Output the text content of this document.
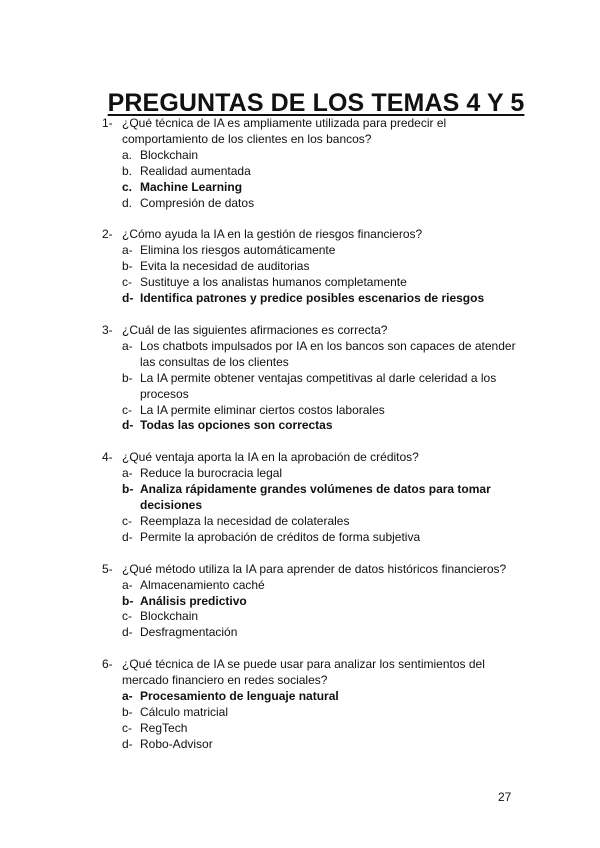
PREGUNTAS DE LOS TEMAS 4 Y 5
1- ¿Qué técnica de IA es ampliamente utilizada para predecir el comportamiento de los clientes en los bancos?
a. Blockchain
b. Realidad aumentada
c. Machine Learning
d. Compresión de datos
2- ¿Cómo ayuda la IA en la gestión de riesgos financieros?
a- Elimina los riesgos automáticamente
b- Evita la necesidad de auditorias
c- Sustituye a los analistas humanos completamente
d- Identifica patrones y predice posibles escenarios de riesgos
3- ¿Cuál de las siguientes afirmaciones es correcta?
a- Los chatbots impulsados por IA en los bancos son capaces de atender las consultas de los clientes
b- La IA permite obtener ventajas competitivas al darle celeridad a los procesos
c- La IA permite eliminar ciertos costos laborales
d- Todas las opciones son correctas
4- ¿Qué ventaja aporta la IA en la aprobación de créditos?
a- Reduce la burocracia legal
b- Analiza rápidamente grandes volúmenes de datos para tomar decisiones
c- Reemplaza la necesidad de colaterales
d- Permite la aprobación de créditos de forma subjetiva
5- ¿Qué método utiliza la IA para aprender de datos históricos financieros?
a- Almacenamiento caché
b- Análisis predictivo
c- Blockchain
d- Desfragmentación
6- ¿Qué técnica de IA se puede usar para analizar los sentimientos del mercado financiero en redes sociales?
a- Procesamiento de lenguaje natural
b- Cálculo matricial
c- RegTech
d- Robo-Advisor
27
